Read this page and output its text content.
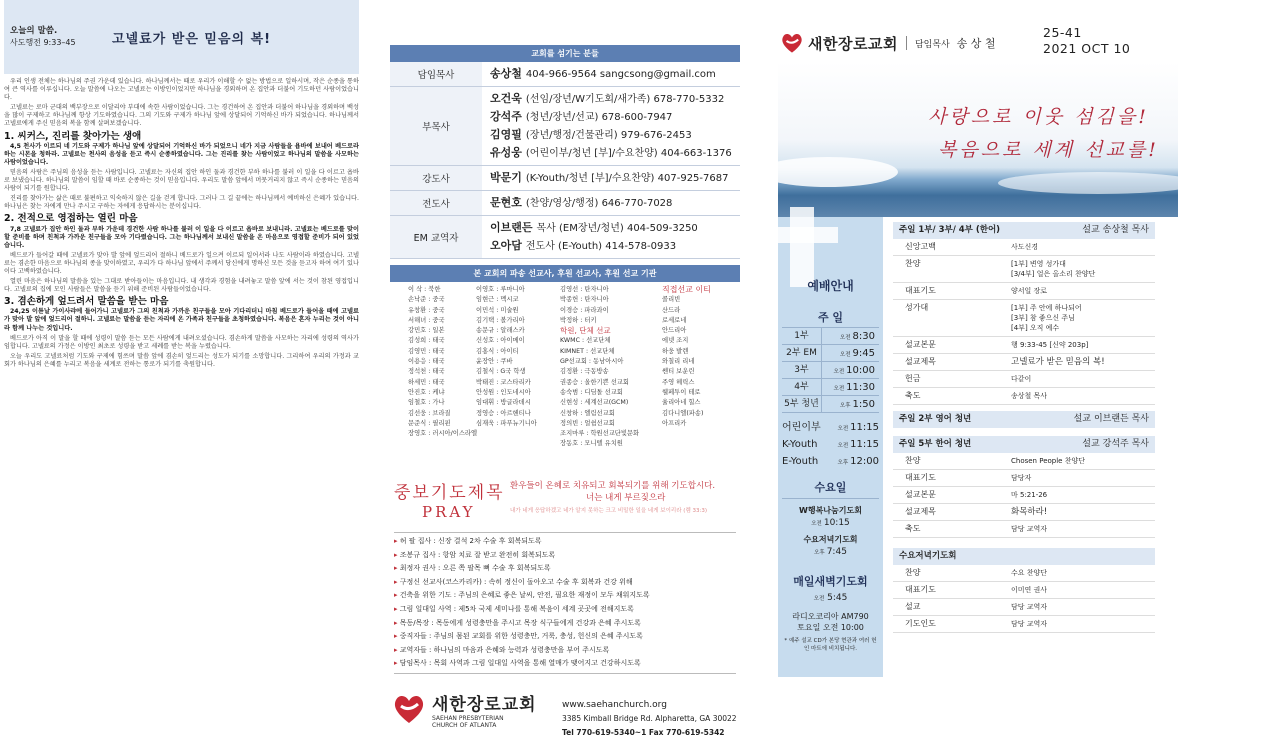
오늘의 말씀.
사도행전 9:33–45	고넬료가 받은 믿음의 복!

우리 인생 전체는 하나님의 주권 가운데 있습니다. 하나님께서는 때로 우리가 이해할 수 없는 방법으로 일하시며, 작은 순종을 통하여 큰 역사를 이루십니다. 오늘 말씀에 나오는 고넬료는 이방인이었지만 하나님을 경외하며 온 집안과 더불어 기도하던 사람이었습니다.

고넬료는 로마 군대의 백부장으로 이달리야 부대에 속한 사람이었습니다. 그는 경건하여 온 집안과 더불어 하나님을 경외하며 백성을 많이 구제하고 하나님께 항상 기도하였습니다. 그의 기도와 구제가 하나님 앞에 상달되어 기억하신 바가 되었습니다. 하나님께서 고넬료에게 주신 믿음의 복을 함께 살펴보겠습니다.

1. 씨커스, 진리를 찾아가는 생애

4,5 천사가 이르되 네 기도와 구제가 하나님 앞에 상달되어 기억하신 바가 되었으니 네가 지금 사람들을 욥바에 보내어 베드로라 하는 시몬을 청하라. 고넬료는 천사의 음성을 듣고 즉시 순종하였습니다. 그는 진리를 찾는 사람이었고 하나님의 말씀을 사모하는 사람이었습니다.

믿음의 사람은 주님의 음성을 듣는 사람입니다. 고넬료는 자신의 집안 하인 둘과 경건한 부하 하나를 불러 이 일을 다 이르고 욥바로 보냈습니다. 하나님의 말씀이 임할 때 바로 순종하는 것이 믿음입니다. 우리도 말씀 앞에서 머뭇거리지 않고 즉시 순종하는 믿음의 사람이 되기를 원합니다.

진리를 찾아가는 삶은 때로 불편하고 익숙하지 않은 길을 걷게 합니다. 그러나 그 길 끝에는 하나님께서 예비하신 은혜가 있습니다. 하나님은 찾는 자에게 만나 주시고 구하는 자에게 응답하시는 분이십니다.

2. 전적으로 영접하는 열린 마음

7,8 고넬료가 집안 하인 둘과 부하 가운데 경건한 사람 하나를 불러 이 일을 다 이르고 욥바로 보내니라. 고넬료는 베드로를 맞이할 준비를 하며 친척과 가까운 친구들을 모아 기다렸습니다. 그는 하나님께서 보내신 말씀을 온 마음으로 영접할 준비가 되어 있었습니다.

베드로가 들어갈 때에 고넬료가 맞아 발 앞에 엎드리어 절하니 베드로가 일으켜 이르되 일어서라 나도 사람이라 하였습니다. 고넬료는 겸손한 마음으로 하나님의 종을 맞이하였고, 우리가 다 하나님 앞에서 주께서 당신에게 명하신 모든 것을 듣고자 하여 여기 있나이다 고백하였습니다.

열린 마음은 하나님의 말씀을 있는 그대로 받아들이는 마음입니다. 내 생각과 경험을 내려놓고 말씀 앞에 서는 것이 참된 영접입니다. 고넬료의 집에 모인 사람들은 말씀을 듣기 위해 준비된 사람들이었습니다.

3. 겸손하게 엎드려서 말씀을 받는 마음

24,25 이튿날 가이사랴에 들어가니 고넬료가 그의 친척과 가까운 친구들을 모아 기다리더니 마침 베드로가 들어올 때에 고넬료가 맞아 발 앞에 엎드리어 절하니. 고넬료는 말씀을 듣는 자리에 온 가족과 친구들을 초청하였습니다. 복음은 혼자 누리는 것이 아니라 함께 나누는 것입니다.

베드로가 아직 이 말을 할 때에 성령이 말씀 듣는 모든 사람에게 내려오셨습니다. 겸손하게 말씀을 사모하는 자리에 성령의 역사가 임합니다. 고넬료의 가정은 이방인 최초로 성령을 받고 세례를 받는 복을 누렸습니다.

오늘 우리도 고넬료처럼 기도와 구제에 힘쓰며 말씀 앞에 겸손히 엎드리는 성도가 되기를 소망합니다. 그리하여 우리의 가정과 교회가 하나님의 은혜를 누리고 복음을 세계로 전하는 통로가 되기를 축원합니다.

교회를 섬기는 분들
담임목사	송상철 404-966-9564 sangcsong@gmail.com

부목사	오건욱 (선임/장년/W기도회/새가족) 678-770-5332
강석주 (청년/장년/선교) 678-600-7947
김영필 (장년/행정/건물관리) 979-676-2453
유성웅 (어린이부/청년 [부]/수요찬양) 404-663-1376

강도사	박문기 (K-Youth/청년 [부]/수요찬양) 407-925-7687

전도사	문현호 (찬양/영상/행정) 646-770-7028

EM 교역자	이브랜든 목사 (EM장년/청년) 404-509-3250
오아담 전도사 (E-Youth) 414-578-0933
본 교회의 파송 선교사, 후원 선교사, 후원 선교 기관
이 삭 : 북한
손낙준 : 중국
유창환 : 중국
서해녀 : 중국
강민호 : 일본
김성희 : 태국
김영민 : 태국
이용응 : 태국
정석천 : 태국
하세민 : 태국
안진호 : 케냐
임철호 : 가나
김선웅 : 브라질
문준식 : 필리핀
장영호 : 러시아/이스라엘
이영호 : 루마니아
임현근 : 멕시코
이민석 : 미술원
김기택 : 볼가리아
송문규 : 알래스카
신성호 : 아이메이
김홍식 : 아이티
윤장안 : 쿠바
김철식 : G국 학생
박태진 : 코스타리카
안성원 : 인도네시아
임대휘 : 방글라데시
정영승 : 아르헨티나
심재욱 : 파푸뉴기니아
김영선 : 탄자니아
박종헌 : 탄자니아
이경승 : 파라과이
박정하 : 터키
학원, 단체 선교
KWMC : 선교단체
KIMNET : 선교단체
GP선교회 : 동남아시아
김정환 : 극동방송
권종승 : 올한기쁜 선교회
송숙범 : 디딤돌 선교회
신현성 : 세계선교(GCM)
신창하 : 엘림선교회
정의빈 : 얼쉼선교회
조지마루 : 학원선교단빛문화
장동호 : 모니텔 유치원
직접선교 이티
콜리빈
산드라
로세로네
안드리아
에넷 조지
하웅 발렌
와칠리 리네
쎈티 보운린
주영 헤릭스
웰페투이 테로
율리아네 힐스
김다니엘(파송)
아프리카
중보기도제목
PRAY
환우들이 온혜로 치유되고 회복되기를 위해 기도합시다.
너는 내게 부르짖으라
내가 네게 응답하겠고 네가 알지 못하는 크고 비밀한 일을 네게 보이리라 (렘 33:3)
▸ 허 팔 집사 : 신장 결석 2차 수술 후 회복되도록
▸ 조봉규 집사 : 항암 치료 잘 받고 완전히 회복되도록
▸ 최정자 권사 : 오른 쪽 팔목 뼈 수술 후 회복되도록
▸ 구정신 선교사(코스카리카) : 속히 정신이 돌아오고 수술 후 회복과 건강 위해
▸ 건축을 위한 기도 : 주님의 은혜로 좋은 날씨, 안전, 필요한 재정이 모두 채워지도록
▸ 그림 일대일 사역 : 제5차 국제 세미나를 통해 복음이 세계 곳곳에 전해지도록
▸ 목동/목장 : 목동에게 성령충만을 주시고 목장 식구들에게 건강과 은혜 주시도록
▸ 중직자들 : 주님의 몸된 교회를 위한 성령충만, 거룩, 충성, 헌신의 은혜 주시도록
▸ 교역자들 : 하나님의 마음과 은혜와 능력과 성령충만을 부어 주시도록
▸ 담임목사 : 목회 사역과 그림 일대일 사역을 통해 열매가 맺어지고 건강하시도록
새한장로교회
SAEHAN PRESBYTERIAN
CHURCH OF ATLANTA
www.saehanchurch.org
3385 Kimball Bridge Rd. Alpharetta, GA 30022
Tel 770-619-5340~1 Fax 770-619-5342
새한장로교회 담임목사 송 상 철
25-41
2021 OCT 10
사랑으로 이웃 섬김을!
복음으로 세계 선교를!
예배안내
주 일
1부	오전 8:30
2부 EM	오전 9:45
3부	오전 10:00
4부	오전 11:30
5부 청년	오후 1:50
어린이부	오전 11:15
K-Youth	오전 11:15
E-Youth	오후 12:00
수요일
W행복나눔기도회
오전 10:15
수요저녁기도회
오후 7:45
매일새벽기도회
오전 5:45
라디오코리아 AM790
토요일 오전 10:00
* 예주 설교 CD가 본당 현관과 여러 헌인 마트에 비치됩니다.
주일 1부/ 3부/ 4부 (한어)	설교 송상철 목사
신앙고백	사도신경
찬양	[1부] 변영 성가대
[3/4부] 얼은 올소리 찬양단
대표기도	양서일 장로
성가대	[1부] 주 안에 하나되어
[3부] 참 좋으신 주님
[4부] 오직 예수
설교본문	행 9:33-45 [신약 203p]
설교제목	고넬료가 받은 믿음의 복!
헌금	다같이
축도	송상철 목사
주일 2부 영어 청년	설교 이브랜든 목사
주일 5부 한어 청년	설교 강석주 목사
찬양	Chosen People 찬양단
대표기도	담당자
설교본문	마 5:21-26
설교제목	화목하라!
축도	담당 교역자
수요저녁기도회
찬양	수요 찬양단
대표기도	이미연 권사
설교	담당 교역자
기도인도	담당 교역자
